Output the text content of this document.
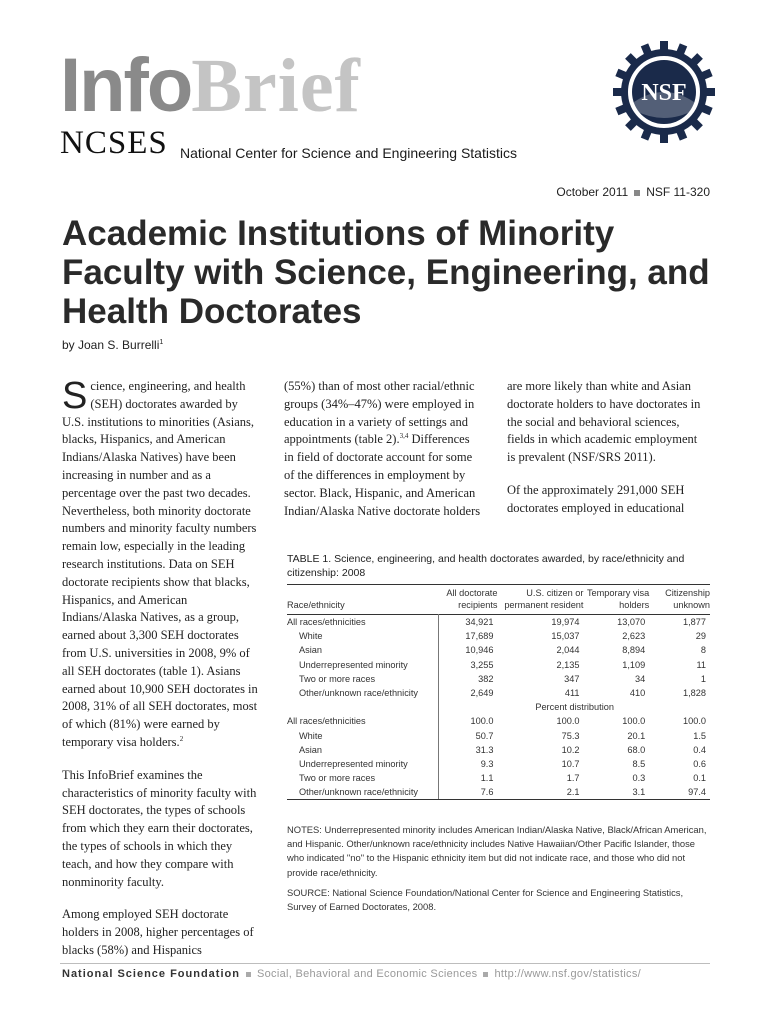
InfoBrief
NCSES National Center for Science and Engineering Statistics
NSF
October 2011 NSF 11-320
Academic Institutions of Minority Faculty with Science, Engineering, and Health Doctorates
by Joan S. Burrelli$^1$

Science, engineering, and health (SEH) doctorates awarded by U.S. institutions to minorities (Asians, blacks, Hispanics, and American Indians/Alaska Natives) have been increasing in number and as a percentage over the past two decades. Nevertheless, both minority doctorate numbers and minority faculty numbers remain low, especially in the leading research institutions. Data on SEH doctorate recipients show that blacks, Hispanics, and American Indians/Alaska Natives, as a group, earned about 3,300 SEH doctorates from U.S. universities in 2008, 9% of all SEH doctorates (table 1). Asians earned about 10,900 SEH doctorates in 2008, 31% of all SEH doctorates, most of which (81%) were earned by temporary visa holders.$^2$

This InfoBrief examines the characteristics of minority faculty with SEH doctorates, the types of schools from which they earn their doctorates, the types of schools in which they teach, and how they compare with nonminority faculty.

Among employed SEH doctorate holders in 2008, higher percentages of blacks (58%) and Hispanics

(55%) than of most other racial/ethnic groups (34%–47%) were employed in education in a variety of settings and appointments (table 2).$^{3,4}$ Differences in field of doctorate account for some of the differences in employment by sector. Black, Hispanic, and American Indian/Alaska Native doctorate holders

are more likely than white and Asian doctorate holders to have doctorates in the social and behavioral sciences, fields in which academic employment is prevalent (NSF/SRS 2011).

Of the approximately 291,000 SEH doctorates employed in educational

TABLE 1. Science, engineering, and health doctorates awarded, by race/ethnicity and citizenship: 2008
Race/ethnicity	All doctorate recipients	U.S. citizen or permanent resident	Temporary visa holders	Citizenship unknown
All races/ethnicities	34,921	19,974	13,070	1,877
White	17,689	15,037	2,623	29
Asian	10,946	2,044	8,894	8
Underrepresented minority	3,255	2,135	1,109	11
Two or more races	382	347	34	1
Other/unknown race/ethnicity	2,649	411	410	1,828
	Percent distribution			
All races/ethnicities	100.0	100.0	100.0	100.0
White	50.7	75.3	20.1	1.5
Asian	31.3	10.2	68.0	0.4
Underrepresented minority	9.3	10.7	8.5	0.6
Two or more races	1.1	1.7	0.3	0.1
Other/unknown race/ethnicity	7.6	2.1	3.1	97.4

NOTES: Underrepresented minority includes American Indian/Alaska Native, Black/African American, and Hispanic. Other/unknown race/ethnicity includes Native Hawaiian/Other Pacific Islander, those who indicated "no" to the Hispanic ethnicity item but did not indicate race, and those who did not provide race/ethnicity.

SOURCE: National Science Foundation/National Center for Science and Engineering Statistics, Survey of Earned Doctorates, 2008.

National Science Foundation Social, Behavioral and Economic Sciences http://www.nsf.gov/statistics/
